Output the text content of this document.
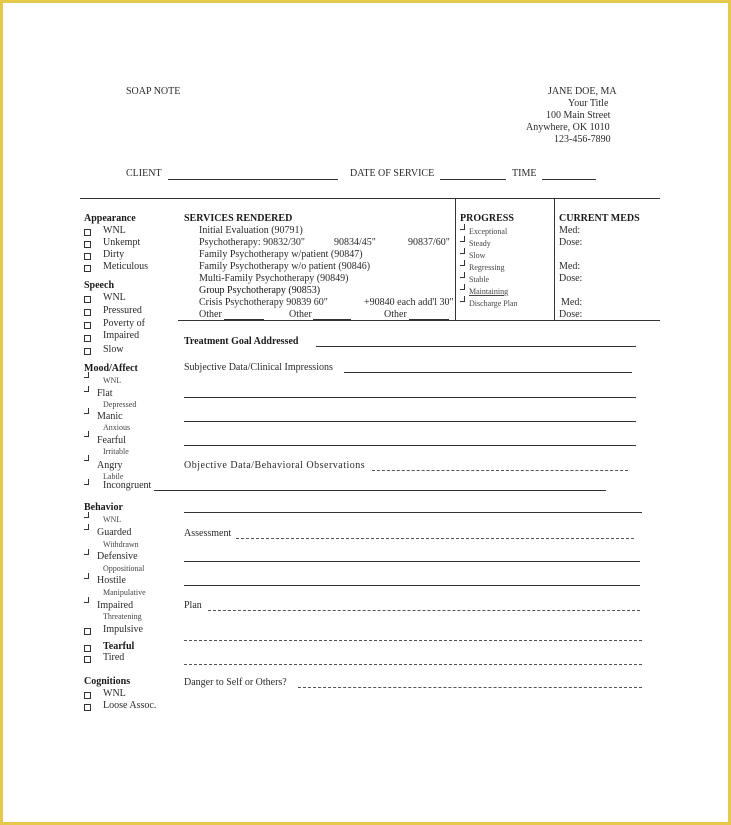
SOAP NOTE	JANE DOE, MA
Your Title
100 Main Street
Anywhere, OK 1010
123-456-7890
CLIENT	DATE OF SERVICE	TIME
Appearance
WNL
Unkempt
Dirty
Meticulous
Speech
WNL
Pressured
Poverty of
Impaired
Slow
Mood/Affect
WNL
Flat
Depressed
Manic
Anxious
Fearful
Irritable
Angry
Labile
Incongruent
Behavior
WNL
Guarded
Withdrawn
Defensive
Oppositional
Hostile
Manipulative
Impaired
Threatening
Impulsive
Tearful
Tired
Cognitions
WNL
Loose Assoc.
SERVICES RENDERED
Initial Evaluation (90791)
Psychotherapy: 90832/30"	90834/45"	90837/60"
Family Psychotherapy w/patient (90847)
Family Psychotherapy w/o patient (90846)
Multi-Family Psychotherapy (90849)
Group Psychotherapy (90853)
Crisis Psychotherapy 90839 60"	+90840 each add'l 30"
Other	Other	Other
PROGRESS
Exceptional
Steady
Slow
Regressing
Stable
Maintaining
Discharge Plan
CURRENT MEDS
Med:
Dose:
Med:
Dose:
Med:
Dose:
Treatment Goal Addressed
Subjective Data/Clinical Impressions
Objective Data/Behavioral Observations
Assessment
Plan
Danger to Self or Others?
